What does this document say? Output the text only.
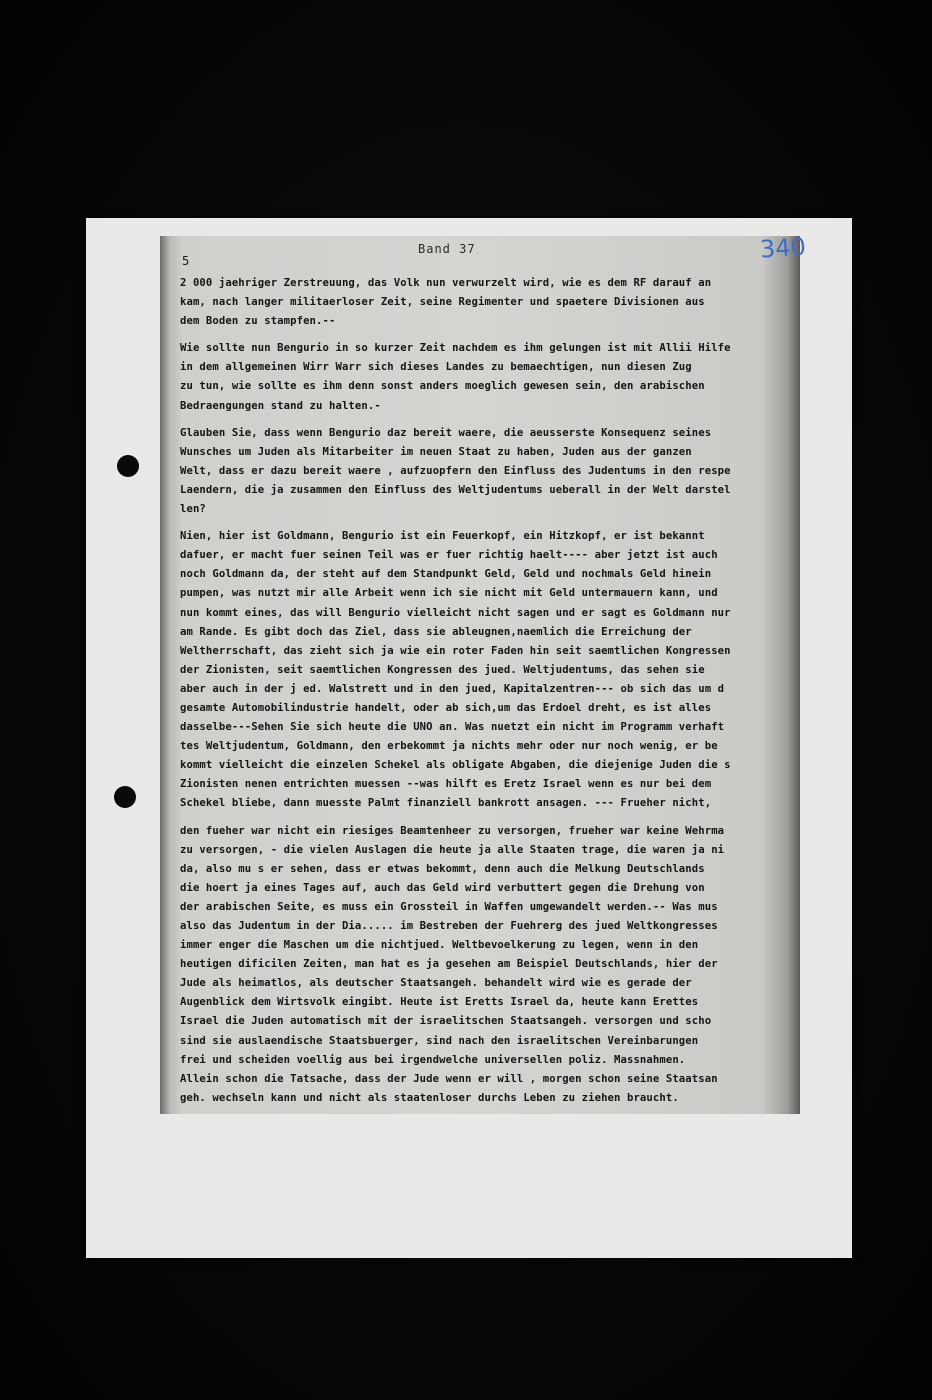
5
Band 37	340
2 000 jaehriger Zerstreuung, das Volk nun verwurzelt wird, wie es dem RF darauf an
kam, nach langer militaerloser Zeit, seine Regimenter und spaetere Divisionen aus
dem Boden zu stampfen.--
Wie sollte nun Bengurio in so kurzer Zeit nachdem es ihm gelungen ist mit Allii Hilfe
in dem allgemeinen Wirr Warr sich dieses Landes zu bemaechtigen, nun diesen Zug
zu tun, wie sollte es ihm denn sonst anders moeglich gewesen sein, den arabischen
Bedraengungen stand zu halten.-
Glauben Sie, dass wenn Bengurio daz bereit waere, die aeusserste Konsequenz seines
Wunsches um Juden als Mitarbeiter im neuen Staat zu haben, Juden aus der ganzen
Welt, dass er dazu bereit waere , aufzuopfern den Einfluss des Judentums in den respe
Laendern, die ja zusammen den Einfluss des Weltjudentums ueberall in der Welt darstel
len?
Nien, hier ist Goldmann, Bengurio ist ein Feuerkopf, ein Hitzkopf, er ist bekannt
dafuer, er macht fuer seinen Teil was er fuer richtig haelt---- aber jetzt ist auch
noch Goldmann da, der steht auf dem Standpunkt Geld, Geld und nochmals Geld hinein
pumpen, was nutzt mir alle Arbeit wenn ich sie nicht mit Geld untermauern kann, und
nun kommt eines, das will Bengurio vielleicht nicht sagen und er sagt es Goldmann nur
am Rande. Es gibt doch das Ziel, dass sie ableugnen,naemlich die Erreichung der
Weltherrschaft, das zieht sich ja wie ein roter Faden hin seit saemtlichen Kongressen
der Zionisten, seit saemtlichen Kongressen des jued. Weltjudentums, das sehen sie
aber auch in der j ed. Walstrett und in den jued, Kapitalzentren--- ob sich das um d
gesamte Automobilindustrie handelt, oder ab sich,um das Erdoel dreht, es ist alles
dasselbe---Sehen Sie sich heute die UNO an. Was nuetzt ein nicht im Programm verhaft
tes Weltjudentum, Goldmann, den erbekommt ja nichts mehr oder nur noch wenig, er be
kommt vielleicht die einzelen Schekel als obligate Abgaben, die diejenige Juden die s
Zionisten nenen entrichten muessen --was hilft es Eretz Israel wenn es nur bei dem
Schekel bliebe, dann muesste Palmt finanziell bankrott ansagen. --- Frueher nicht,
den fueher war nicht ein riesiges Beamtenheer zu versorgen, frueher war keine Wehrma
zu versorgen, - die vielen Auslagen die heute ja alle Staaten trage, die waren ja ni
da, also mu s er sehen, dass er etwas bekommt, denn auch die Melkung Deutschlands
die hoert ja eines Tages auf, auch das Geld wird verbuttert gegen die Drehung von
der arabischen Seite, es muss ein Grossteil in Waffen umgewandelt werden.-- Was mus
also das Judentum in der Dia..... im Bestreben der Fuehrerg des jued Weltkongresses
immer enger die Maschen um die nichtjued. Weltbevoelkerung zu legen, wenn in den
heutigen dificilen Zeiten, man hat es ja gesehen am Beispiel Deutschlands, hier der
Jude als heimatlos, als deutscher Staatsangeh. behandelt wird wie es gerade der
Augenblick dem Wirtsvolk eingibt. Heute ist Eretts Israel da, heute kann Erettes
Israel die Juden automatisch mit der israelitschen Staatsangeh. versorgen und scho
sind sie auslaendische Staatsbuerger, sind nach den israelitschen Vereinbarungen
frei und scheiden voellig aus bei irgendwelche universellen poliz. Massnahmen.
Allein schon die Tatsache, dass der Jude wenn er will , morgen schon seine Staatsan
geh. wechseln kann und nicht als staatenloser durchs Leben zu ziehen braucht.
